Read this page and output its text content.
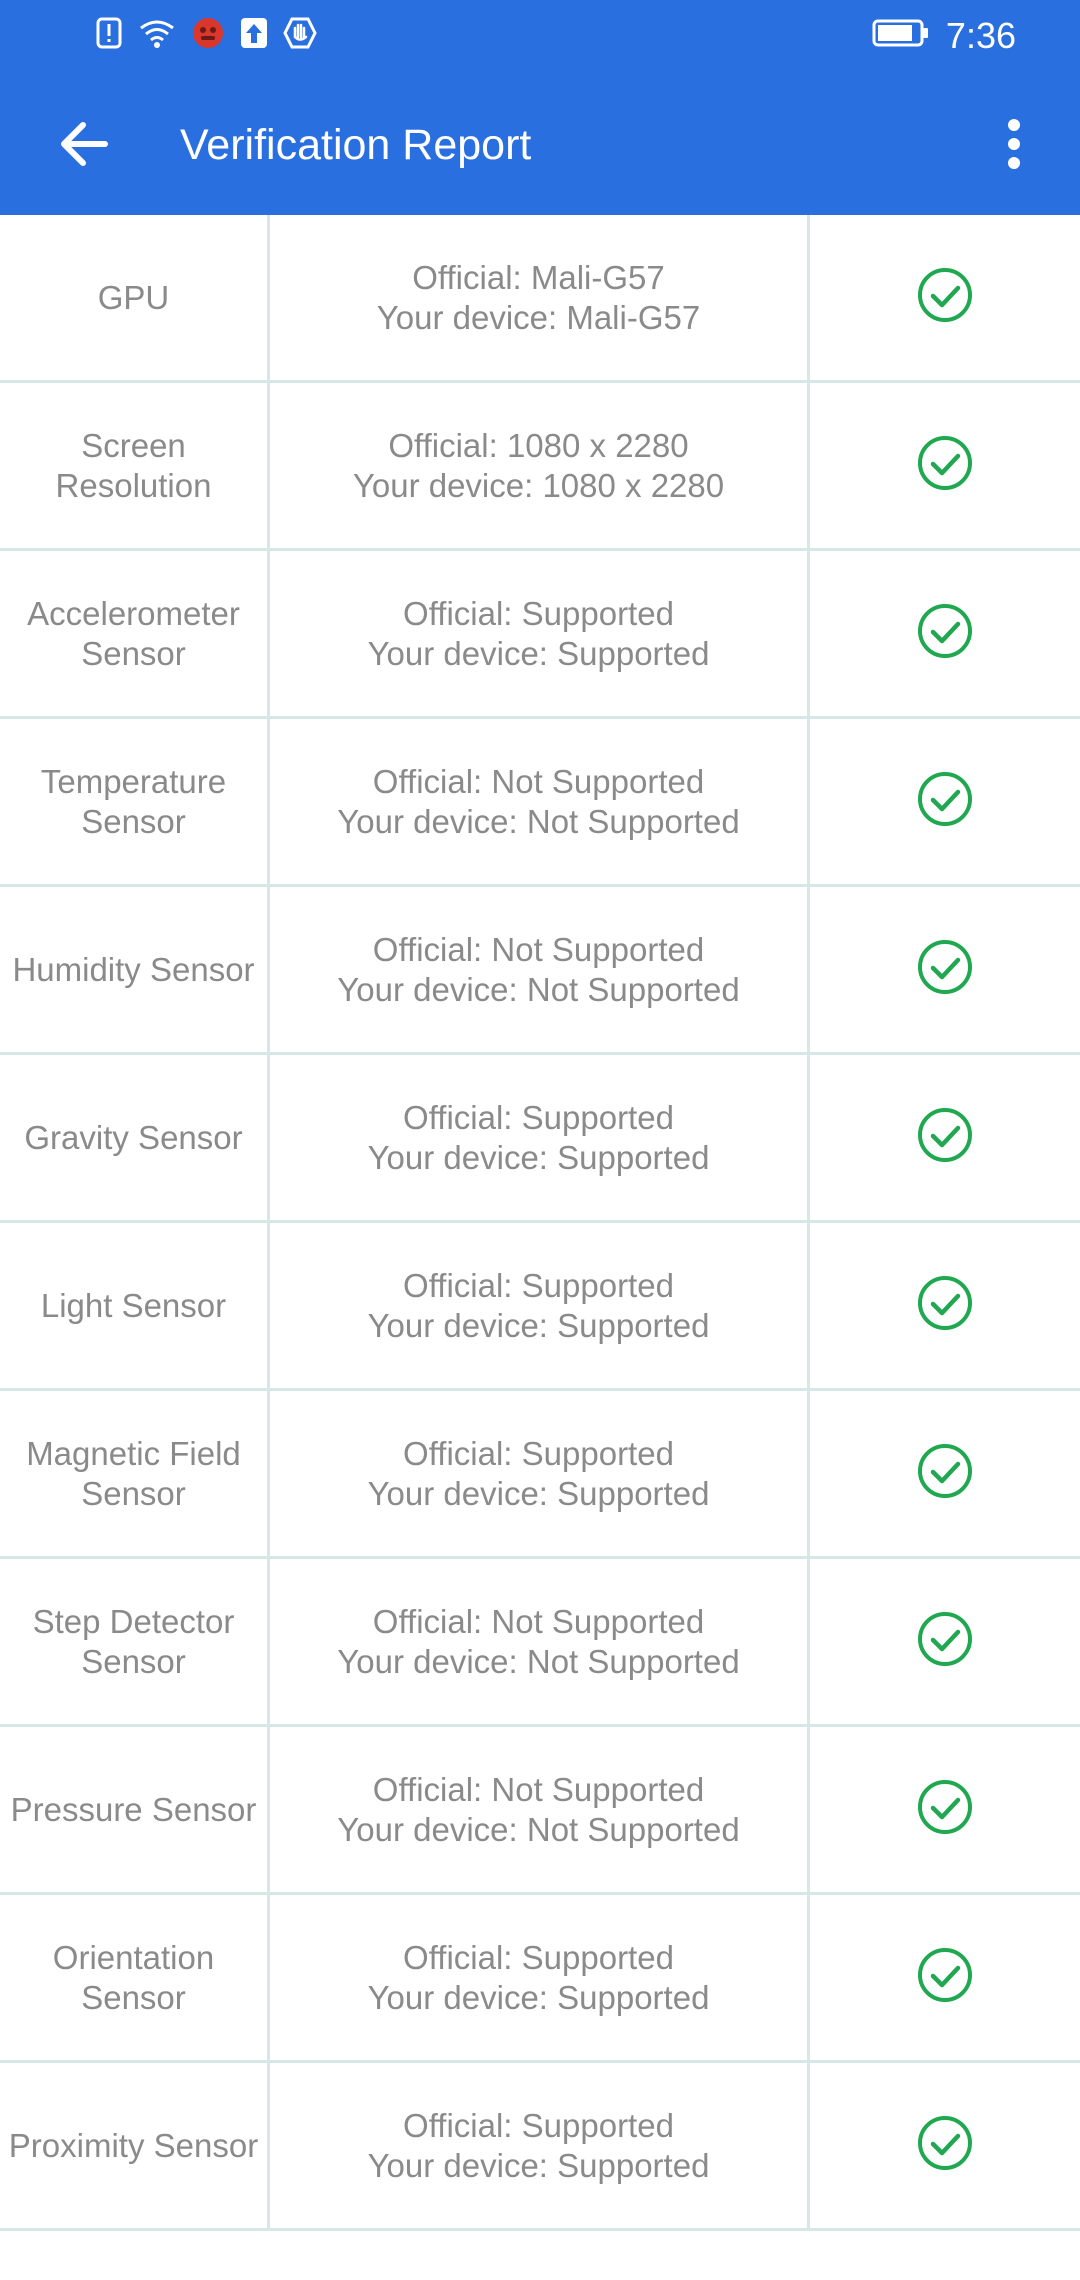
7:36
Verification Report
GPU
Official: Mali-G57
Your device: Mali-G57
Screen Resolution
Official: 1080 x 2280
Your device: 1080 x 2280
Accelerometer Sensor
Official: Supported
Your device: Supported
Temperature Sensor
Official: Not Supported
Your device: Not Supported
Humidity Sensor
Official: Not Supported
Your device: Not Supported
Gravity Sensor
Official: Supported
Your device: Supported
Light Sensor
Official: Supported
Your device: Supported
Magnetic Field Sensor
Official: Supported
Your device: Supported
Step Detector Sensor
Official: Not Supported
Your device: Not Supported
Pressure Sensor
Official: Not Supported
Your device: Not Supported
Orientation Sensor
Official: Supported
Your device: Supported
Proximity Sensor
Official: Supported
Your device: Supported
